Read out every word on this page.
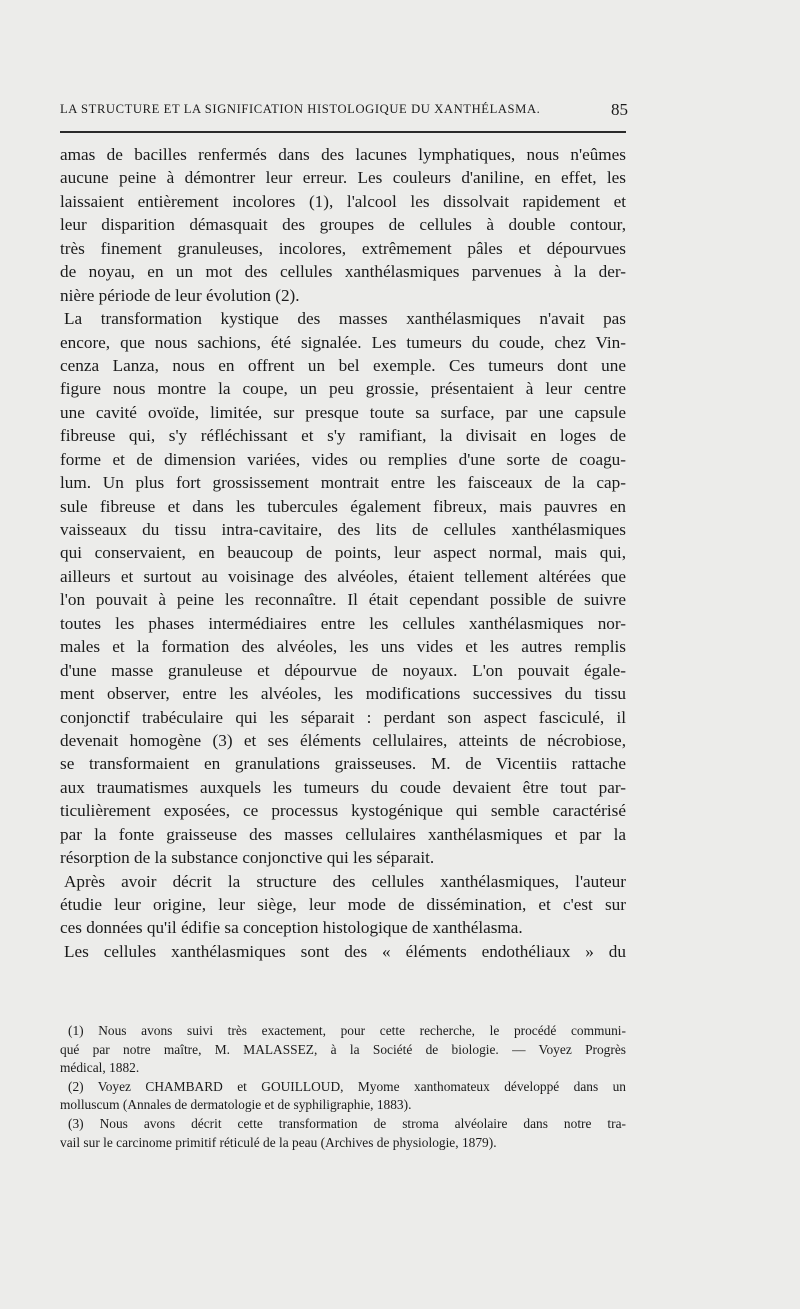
LA STRUCTURE ET LA SIGNIFICATION HISTOLOGIQUE DU XANTHÉLASMA.	85
amas de bacilles renfermés dans des lacunes lymphatiques, nous n'eûmes
aucune peine à démontrer leur erreur. Les couleurs d'aniline, en effet, les
laissaient entièrement incolores (1), l'alcool les dissolvait rapidement et
leur disparition démasquait des groupes de cellules à double contour,
très finement granuleuses, incolores, extrêmement pâles et dépourvues
de noyau, en un mot des cellules xanthélasmiques parvenues à la der-
nière période de leur évolution (2).
La transformation kystique des masses xanthélasmiques n'avait pas
encore, que nous sachions, été signalée. Les tumeurs du coude, chez Vin-
cenza Lanza, nous en offrent un bel exemple. Ces tumeurs dont une
figure nous montre la coupe, un peu grossie, présentaient à leur centre
une cavité ovoïde, limitée, sur presque toute sa surface, par une capsule
fibreuse qui, s'y réfléchissant et s'y ramifiant, la divisait en loges de
forme et de dimension variées, vides ou remplies d'une sorte de coagu-
lum. Un plus fort grossissement montrait entre les faisceaux de la cap-
sule fibreuse et dans les tubercules également fibreux, mais pauvres en
vaisseaux du tissu intra-cavitaire, des lits de cellules xanthélasmiques
qui conservaient, en beaucoup de points, leur aspect normal, mais qui,
ailleurs et surtout au voisinage des alvéoles, étaient tellement altérées que
l'on pouvait à peine les reconnaître. Il était cependant possible de suivre
toutes les phases intermédiaires entre les cellules xanthélasmiques nor-
males et la formation des alvéoles, les uns vides et les autres remplis
d'une masse granuleuse et dépourvue de noyaux. L'on pouvait égale-
ment observer, entre les alvéoles, les modifications successives du tissu
conjonctif trabéculaire qui les séparait : perdant son aspect fasciculé, il
devenait homogène (3) et ses éléments cellulaires, atteints de nécrobiose,
se transformaient en granulations graisseuses. M. de Vicentiis rattache
aux traumatismes auxquels les tumeurs du coude devaient être tout par-
ticulièrement exposées, ce processus kystogénique qui semble caractérisé
par la fonte graisseuse des masses cellulaires xanthélasmiques et par la
résorption de la substance conjonctive qui les séparait.
Après avoir décrit la structure des cellules xanthélasmiques, l'auteur
étudie leur origine, leur siège, leur mode de dissémination, et c'est sur
ces données qu'il édifie sa conception histologique de xanthélasma.
Les cellules xanthélasmiques sont des « éléments endothéliaux » du
(1) Nous avons suivi très exactement, pour cette recherche, le procédé communi-
qué par notre maître, M. MALASSEZ, à la Société de biologie. — Voyez Progrès
médical, 1882.
(2) Voyez CHAMBARD et GOUILLOUD, Myome xanthomateux développé dans un
molluscum (Annales de dermatologie et de syphiligraphie, 1883).
(3) Nous avons décrit cette transformation de stroma alvéolaire dans notre tra-
vail sur le carcinome primitif réticulé de la peau (Archives de physiologie, 1879).
